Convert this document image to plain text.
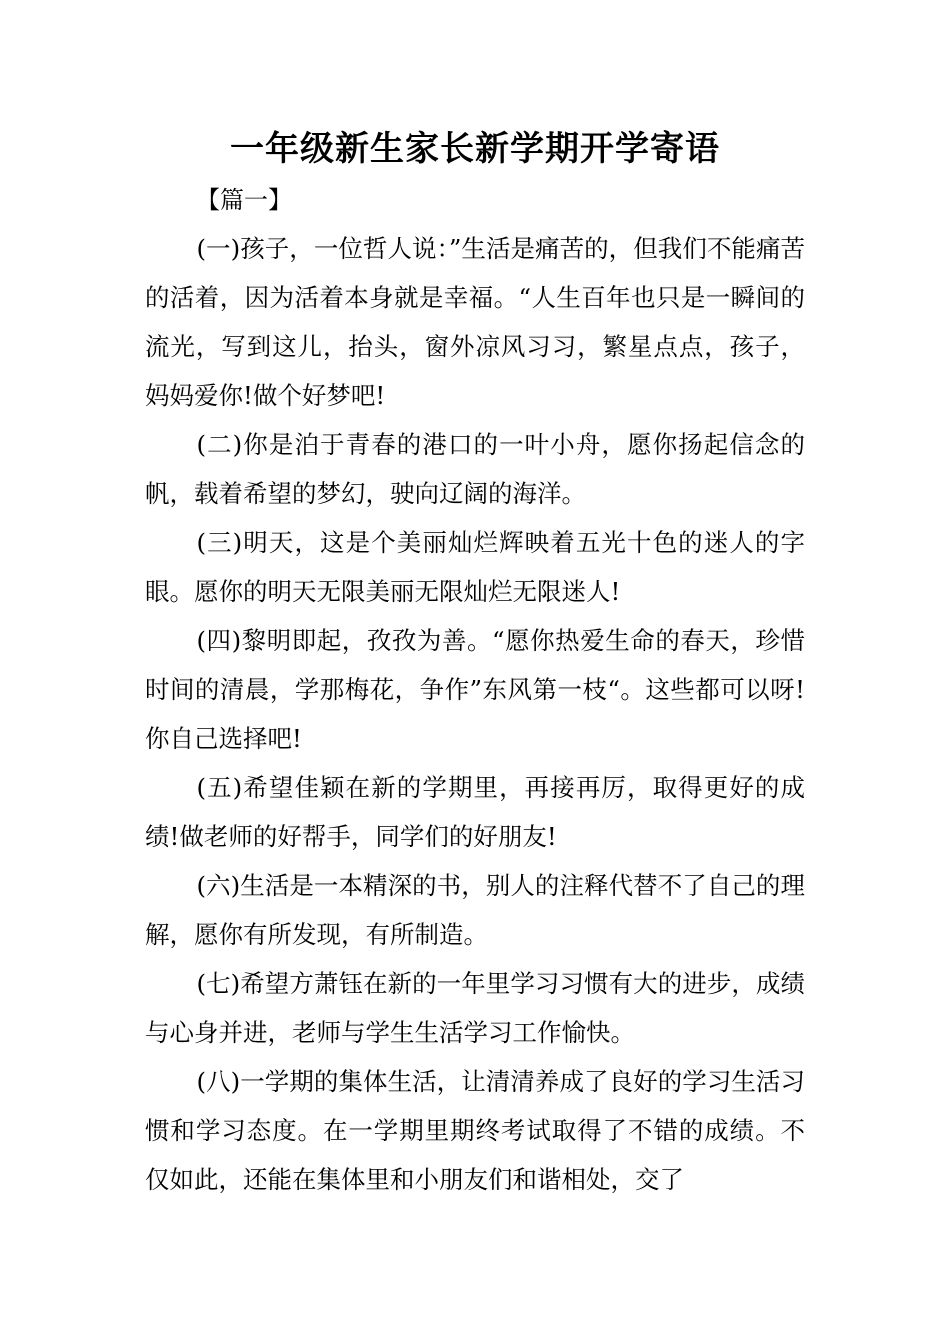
一年级新生家长新学期开学寄语
【篇一】

(一)孩子，一位哲人说：”生活是痛苦的，但我们不能痛苦的活着，因为活着本身就是幸福。“人生百年也只是一瞬间的流光，写到这儿，抬头，窗外凉风习习，繁星点点，孩子，妈妈爱你!做个好梦吧!

(二)你是泊于青春的港口的一叶小舟，愿你扬起信念的帆，载着希望的梦幻，驶向辽阔的海洋。

(三)明天，这是个美丽灿烂辉映着五光十色的迷人的字眼。愿你的明天无限美丽无限灿烂无限迷人!

(四)黎明即起，孜孜为善。“愿你热爱生命的春天，珍惜时间的清晨，学那梅花，争作”东风第一枝“。这些都可以呀!你自己选择吧!

(五)希望佳颖在新的学期里，再接再厉，取得更好的成绩!做老师的好帮手，同学们的好朋友!

(六)生活是一本精深的书，别人的注释代替不了自己的理解，愿你有所发现，有所制造。

(七)希望方萧钰在新的一年里学习习惯有大的进步，成绩与心身并进，老师与学生生活学习工作愉快。

(八)一学期的集体生活，让清清养成了良好的学习生活习惯和学习态度。在一学期里期终考试取得了不错的成绩。不仅如此，还能在集体里和小朋友们和谐相处，交了
